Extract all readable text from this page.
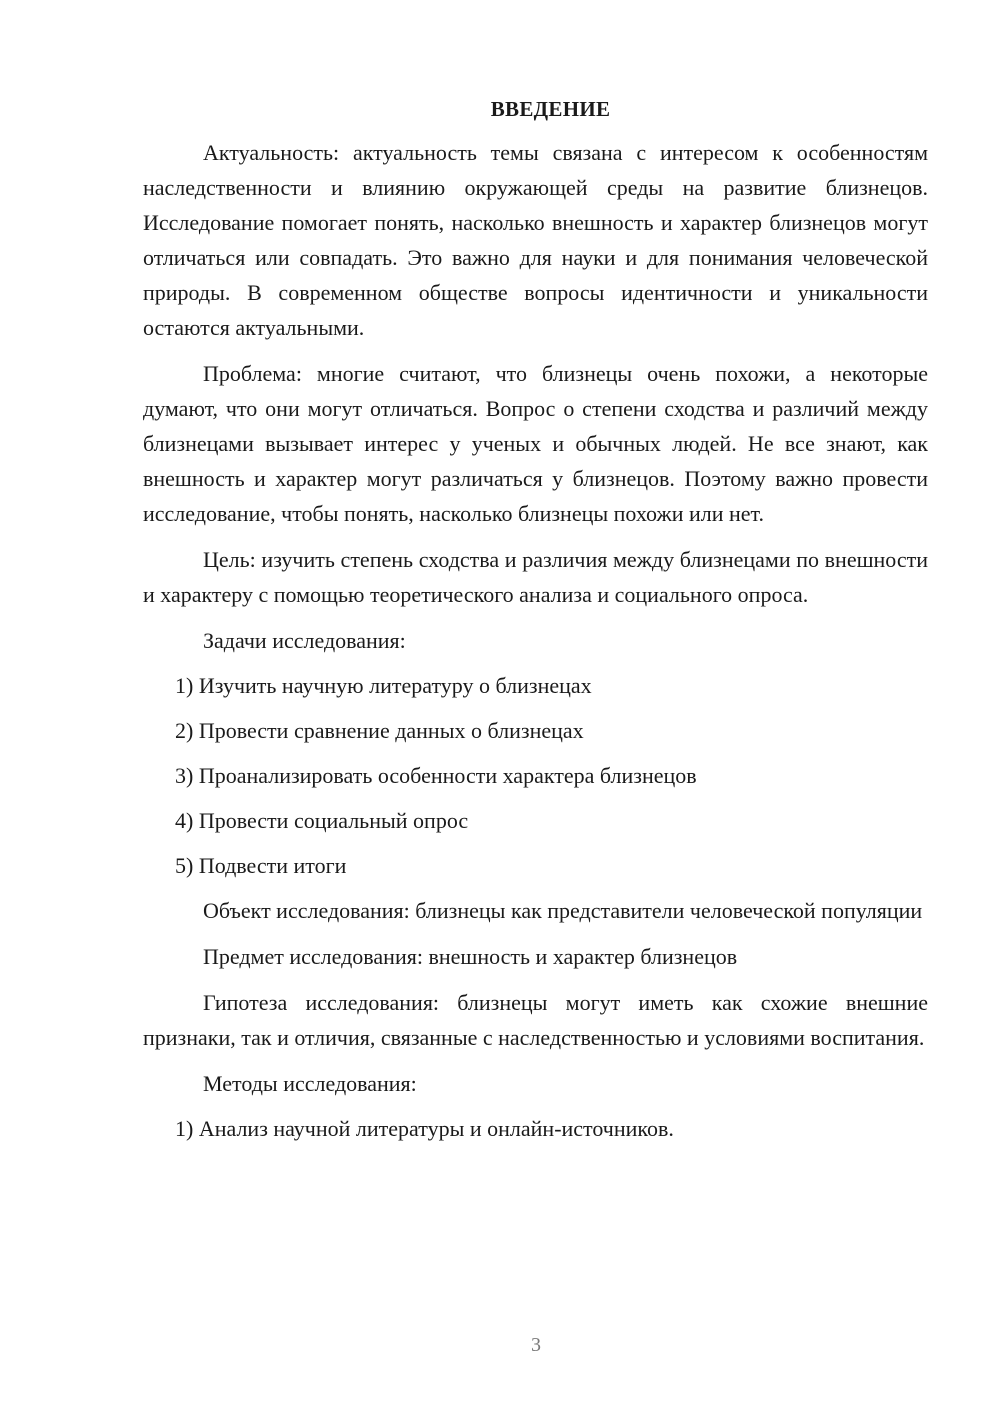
ВВЕДЕНИЕ

Актуальность: актуальность темы связана с интересом к особенностям наследственности и влиянию окружающей среды на развитие близнецов. Исследование помогает понять, насколько внешность и характер близнецов могут отличаться или совпадать. Это важно для науки и для понимания человеческой природы. В современном обществе вопросы идентичности и уникальности остаются актуальными.

Проблема: многие считают, что близнецы очень похожи, а некоторые думают, что они могут отличаться. Вопрос о степени сходства и различий между близнецами вызывает интерес у ученых и обычных людей. Не все знают, как внешность и характер могут различаться у близнецов. Поэтому важно провести исследование, чтобы понять, насколько близнецы похожи или нет.

Цель: изучить степень сходства и различия между близнецами по внешности и характеру с помощью теоретического анализа и социального опроса.

Задачи исследования:

1) Изучить научную литературу о близнецах

2) Провести сравнение данных о близнецах

3) Проанализировать особенности характера близнецов

4) Провести социальный опрос

5) Подвести итоги

Объект исследования: близнецы как представители человеческой популяции

Предмет исследования: внешность и характер близнецов

Гипотеза исследования: близнецы могут иметь как схожие внешние признаки, так и отличия, связанные с наследственностью и условиями воспитания.

Методы исследования:

1) Анализ научной литературы и онлайн-источников.

3
